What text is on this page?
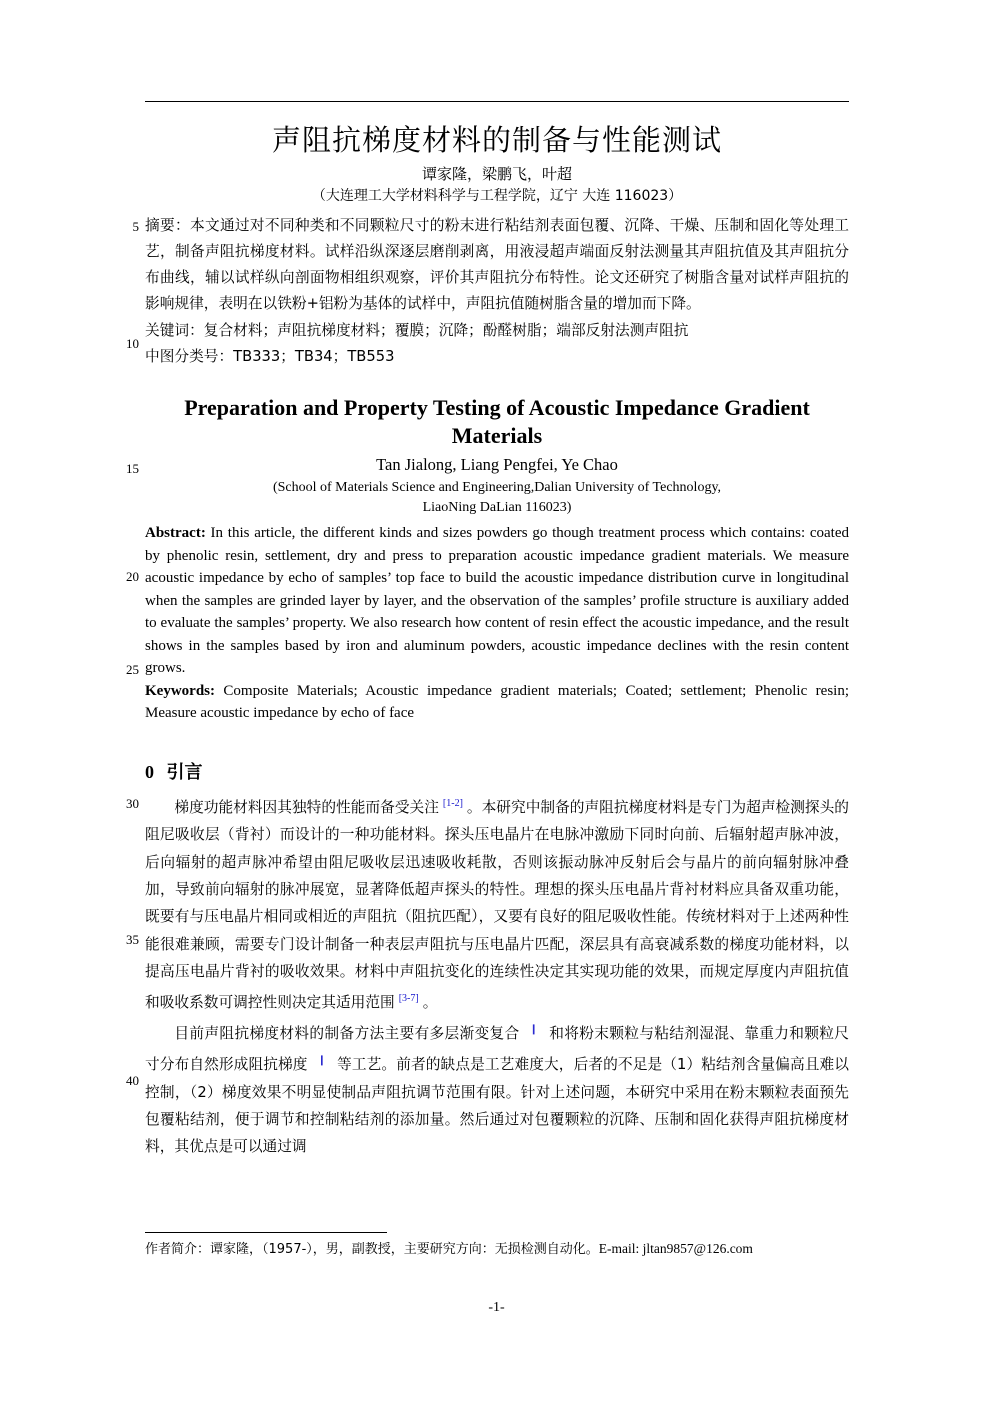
5
10
15
20
25
30
35
40
声阻抗梯度材料的制备与性能测试
谭家隆，梁鹏飞，叶超
（大连理工大学材料科学与工程学院，辽宁 大连 116023）

摘要：本文通过对不同种类和不同颗粒尺寸的粉末进行粘结剂表面包覆、沉降、干燥、压制和固化等处理工艺，制备声阻抗梯度材料。试样沿纵深逐层磨削剥离，用液浸超声端面反射法测量其声阻抗值及其声阻抗分布曲线，辅以试样纵向剖面物相组织观察，评价其声阻抗分布特性。论文还研究了树脂含量对试样声阻抗的影响规律，表明在以铁粉+铝粉为基体的试样中，声阻抗值随树脂含量的增加而下降。

关键词：复合材料；声阻抗梯度材料；覆膜；沉降；酚醛树脂；端部反射法测声阻抗

中图分类号：TB333；TB34；TB553

Preparation and Property Testing of Acoustic Impedance Gradient Materials
Tan Jialong, Liang Pengfei, Ye Chao
(School of Materials Science and Engineering,Dalian University of Technology,
LiaoNing DaLian 116023)

Abstract: In this article, the different kinds and sizes powders go though treatment process which contains: coated by phenolic resin, settlement, dry and press to preparation acoustic impedance gradient materials. We measure acoustic impedance by echo of samples’ top face to build the acoustic impedance distribution curve in longitudinal when the samples are grinded layer by layer, and the observation of the samples’ profile structure is auxiliary added to evaluate the samples’ property. We also research how content of resin effect the acoustic impedance, and the result shows in the samples based by iron and aluminum powders, acoustic impedance declines with the resin content grows.

Keywords: Composite Materials; Acoustic impedance gradient materials; Coated; settlement; Phenolic resin; Measure acoustic impedance by echo of face

0 引言

梯度功能材料因其独特的性能而备受关注 [1-2] 。本研究中制备的声阻抗梯度材料是专门为超声检测探头的阻尼吸收层（背衬）而设计的一种功能材料。探头压电晶片在电脉冲激励下同时向前、后辐射超声脉冲波，后向辐射的超声脉冲希望由阻尼吸收层迅速吸收耗散，否则该振动脉冲反射后会与晶片的前向辐射脉冲叠加，导致前向辐射的脉冲展宽，显著降低超声探头的特性。理想的探头压电晶片背衬材料应具备双重功能，既要有与压电晶片相同或相近的声阻抗（阻抗匹配），又要有良好的阻尼吸收性能。传统材料对于上述两种性能很难兼顾，需要专门设计制备一种表层声阻抗与压电晶片匹配，深层具有高衰减系数的梯度功能材料，以提高压电晶片背衬的吸收效果。材料中声阻抗变化的连续性决定其实现功能的效果，而规定厚度内声阻抗值和吸收系数可调控性则决定其适用范围 [3-7] 。

目前声阻抗梯度材料的制备方法主要有多层渐变复合 ❙ 和将粉末颗粒与粘结剂湿混、靠重力和颗粒尺寸分布自然形成阻抗梯度 ❙ 等工艺。前者的缺点是工艺难度大，后者的不足是（1）粘结剂含量偏高且难以控制，（2）梯度效果不明显使制品声阻抗调节范围有限。针对上述问题，本研究中采用在粉末颗粒表面预先包覆粘结剂，便于调节和控制粘结剂的添加量。然后通过对包覆颗粒的沉降、压制和固化获得声阻抗梯度材料，其优点是可以通过调

作者简介：谭家隆，（1957-），男，副教授，主要研究方向：无损检测自动化。E-mail: jltan9857@126.com
-1-
